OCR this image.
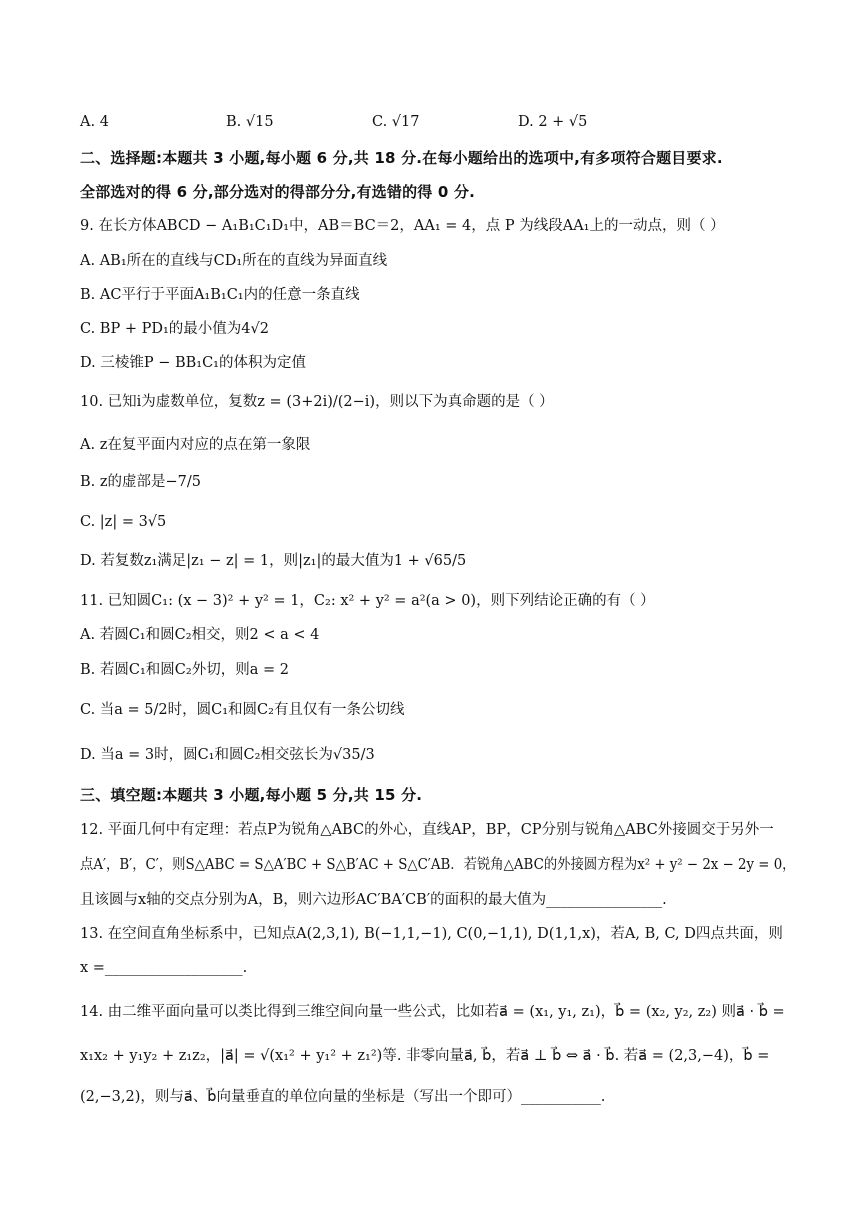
A. 4	B. √15	C. √17	D. 2 + √5
二、选择题:本题共 3 小题,每小题 6 分,共 18 分.在每小题给出的选项中,有多项符合题目要求.
全部选对的得 6 分,部分选对的得部分分,有选错的得 0 分.
9. 在长方体ABCD − A₁B₁C₁D₁中，AB＝BC＝2，AA₁ = 4，点 P 为线段AA₁上的一动点，则（ ）
A. AB₁所在的直线与CD₁所在的直线为异面直线
B. AC平行于平面A₁B₁C₁内的任意一条直线
C. BP + PD₁的最小值为4√2
D. 三棱锥P − BB₁C₁的体积为定值
10. 已知i为虚数单位，复数z = (3+2i)/(2−i)，则以下为真命题的是（ ）
A. z在复平面内对应的点在第一象限
B. z的虚部是−7/5
C. |z| = 3√5
D. 若复数z₁满足|z₁ − z| = 1，则|z₁|的最大值为1 + √65/5
11. 已知圆C₁: (x − 3)² + y² = 1，C₂: x² + y² = a²(a > 0)，则下列结论正确的有（ ）
A. 若圆C₁和圆C₂相交，则2 < a < 4
B. 若圆C₁和圆C₂外切，则a = 2
C. 当a = 5/2时，圆C₁和圆C₂有且仅有一条公切线
D. 当a = 3时，圆C₁和圆C₂相交弦长为√35/3
三、填空题:本题共 3 小题,每小题 5 分,共 15 分.
12. 平面几何中有定理：若点P为锐角△ABC的外心，直线AP，BP，CP分别与锐角△ABC外接圆交于另外一
点A′，B′，C′，则S△ABC = S△A′BC + S△B′AC + S△C′AB．若锐角△ABC的外接圆方程为x² + y² − 2x − 2y = 0，
且该圆与x轴的交点分别为A，B，则六边形AC′BA′CB′的面积的最大值为________________.
13. 在空间直角坐标系中，已知点A(2,3,1), B(−1,1,−1), C(0,−1,1), D(1,1,x)，若A, B, C, D四点共面，则
x =___________________.
14. 由二维平面向量可以类比得到三维空间向量一些公式，比如若a⃗ = (x₁, y₁, z₁)，b⃗ = (x₂, y₂, z₂) 则a⃗ · b⃗ =
x₁x₂ + y₁y₂ + z₁z₂，|a⃗| = √(x₁² + y₁² + z₁²)等. 非零向量a⃗, b⃗，若a⃗ ⊥ b⃗ ⇔ a⃗ · b⃗. 若a⃗ = (2,3,−4)，b⃗ =
(2,−3,2)，则与a⃗、b⃗向量垂直的单位向量的坐标是（写出一个即可）___________.
